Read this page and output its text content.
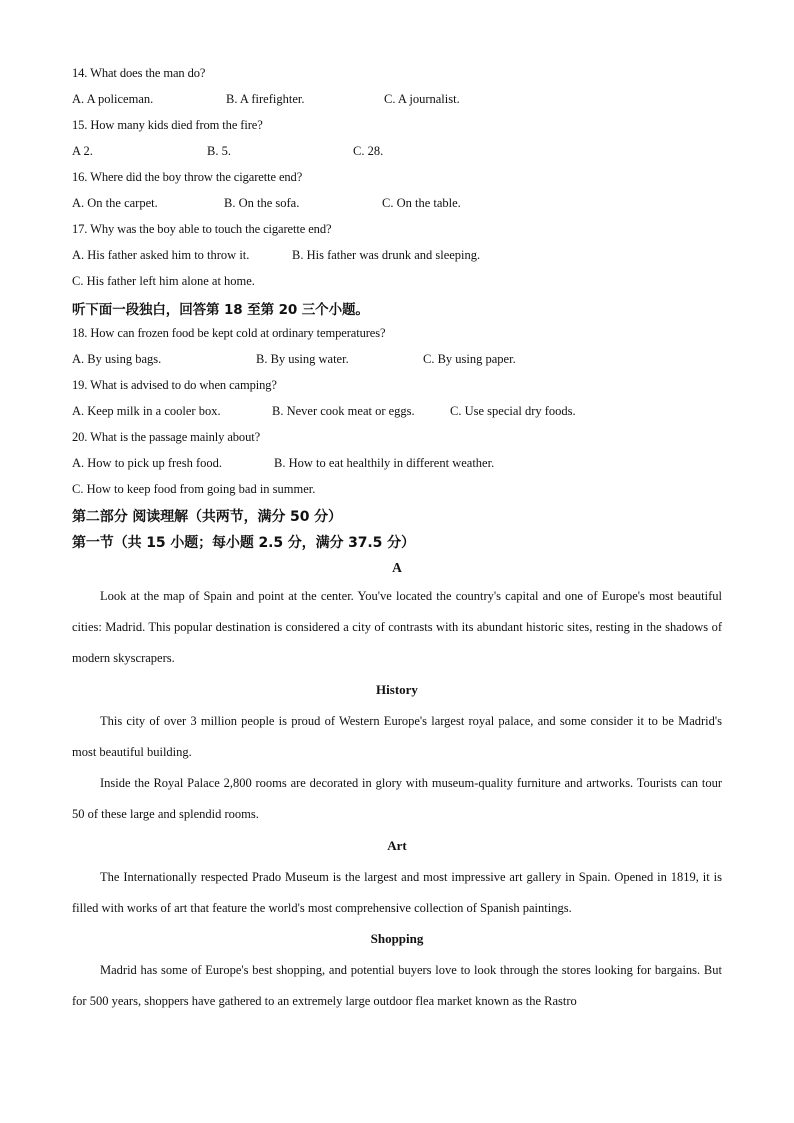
14. What does the man do?
A. A policeman.	B. A firefighter.	C. A journalist.
15. How many kids died from the fire?
A 2.	B. 5.	C. 28.
16. Where did the boy throw the cigarette end?
A. On the carpet.	B. On the sofa.	C. On the table.
17. Why was the boy able to touch the cigarette end?
A. His father asked him to throw it.	B. His father was drunk and sleeping.
C. His father left him alone at home.
听下面一段独白，回答第 18 至第 20 三个小题。
18. How can frozen food be kept cold at ordinary temperatures?
A. By using bags.	B. By using water.	C. By using paper.
19. What is advised to do when camping?
A. Keep milk in a cooler box.	B. Never cook meat or eggs.	C. Use special dry foods.
20. What is the passage mainly about?
A. How to pick up fresh food.	B. How to eat healthily in different weather.
C. How to keep food from going bad in summer.
第二部分 阅读理解（共两节，满分 50 分）
第一节（共 15 小题；每小题 2.5 分，满分 37.5 分）
A
Look at the map of Spain and point at the center. You've located the country's capital and one of Europe's most beautiful cities: Madrid. This popular destination is considered a city of contrasts with its abundant historic sites, resting in the shadows of modern skyscrapers.
History
This city of over 3 million people is proud of Western Europe's largest royal palace, and some consider it to be Madrid's most beautiful building.
Inside the Royal Palace 2,800 rooms are decorated in glory with museum-quality furniture and artworks. Tourists can tour 50 of these large and splendid rooms.
Art
The Internationally respected Prado Museum is the largest and most impressive art gallery in Spain. Opened in 1819, it is filled with works of art that feature the world's most comprehensive collection of Spanish paintings.
Shopping
Madrid has some of Europe's best shopping, and potential buyers love to look through the stores looking for bargains. But for 500 years, shoppers have gathered to an extremely large outdoor flea market known as the Rastro
